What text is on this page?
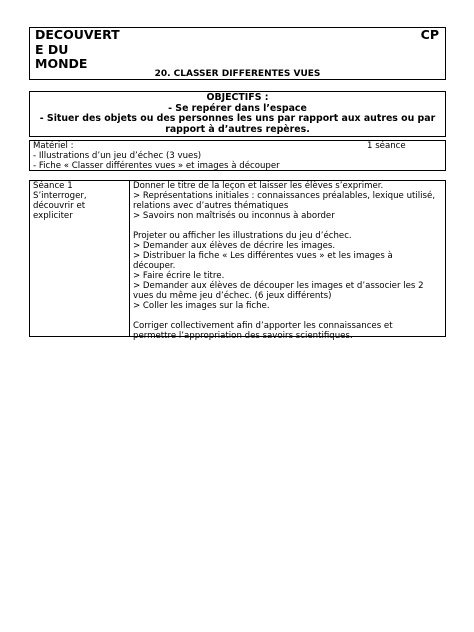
DECOUVERT
E DU
MONDE
CP
20. CLASSER DIFFERENTES VUES
OBJECTIFS :
- Se repérer dans l’espace
- Situer des objets ou des personnes les uns par rapport aux autres ou par
rapport à d’autres repères.
Matériel :	1 séance
- Illustrations d’un jeu d’échec (3 vues)
- Fiche « Classer différentes vues » et images à découper
Séance 1
S’interroger,
découvrir et
expliciter
Donner le titre de la leçon et laisser les élèves s’exprimer.
> Représentations initiales : connaissances préalables, lexique utilisé,
relations avec d’autres thématiques
> Savoirs non maîtrisés ou inconnus à aborder
Projeter ou afficher les illustrations du jeu d’échec.
> Demander aux élèves de décrire les images.
> Distribuer la fiche « Les différentes vues » et les images à
découper.
> Faire écrire le titre.
> Demander aux élèves de découper les images et d’associer les 2
vues du même jeu d’échec. (6 jeux différents)
> Coller les images sur la fiche.
Corriger collectivement afin d’apporter les connaissances et
permettre l’appropriation des savoirs scientifiques.
